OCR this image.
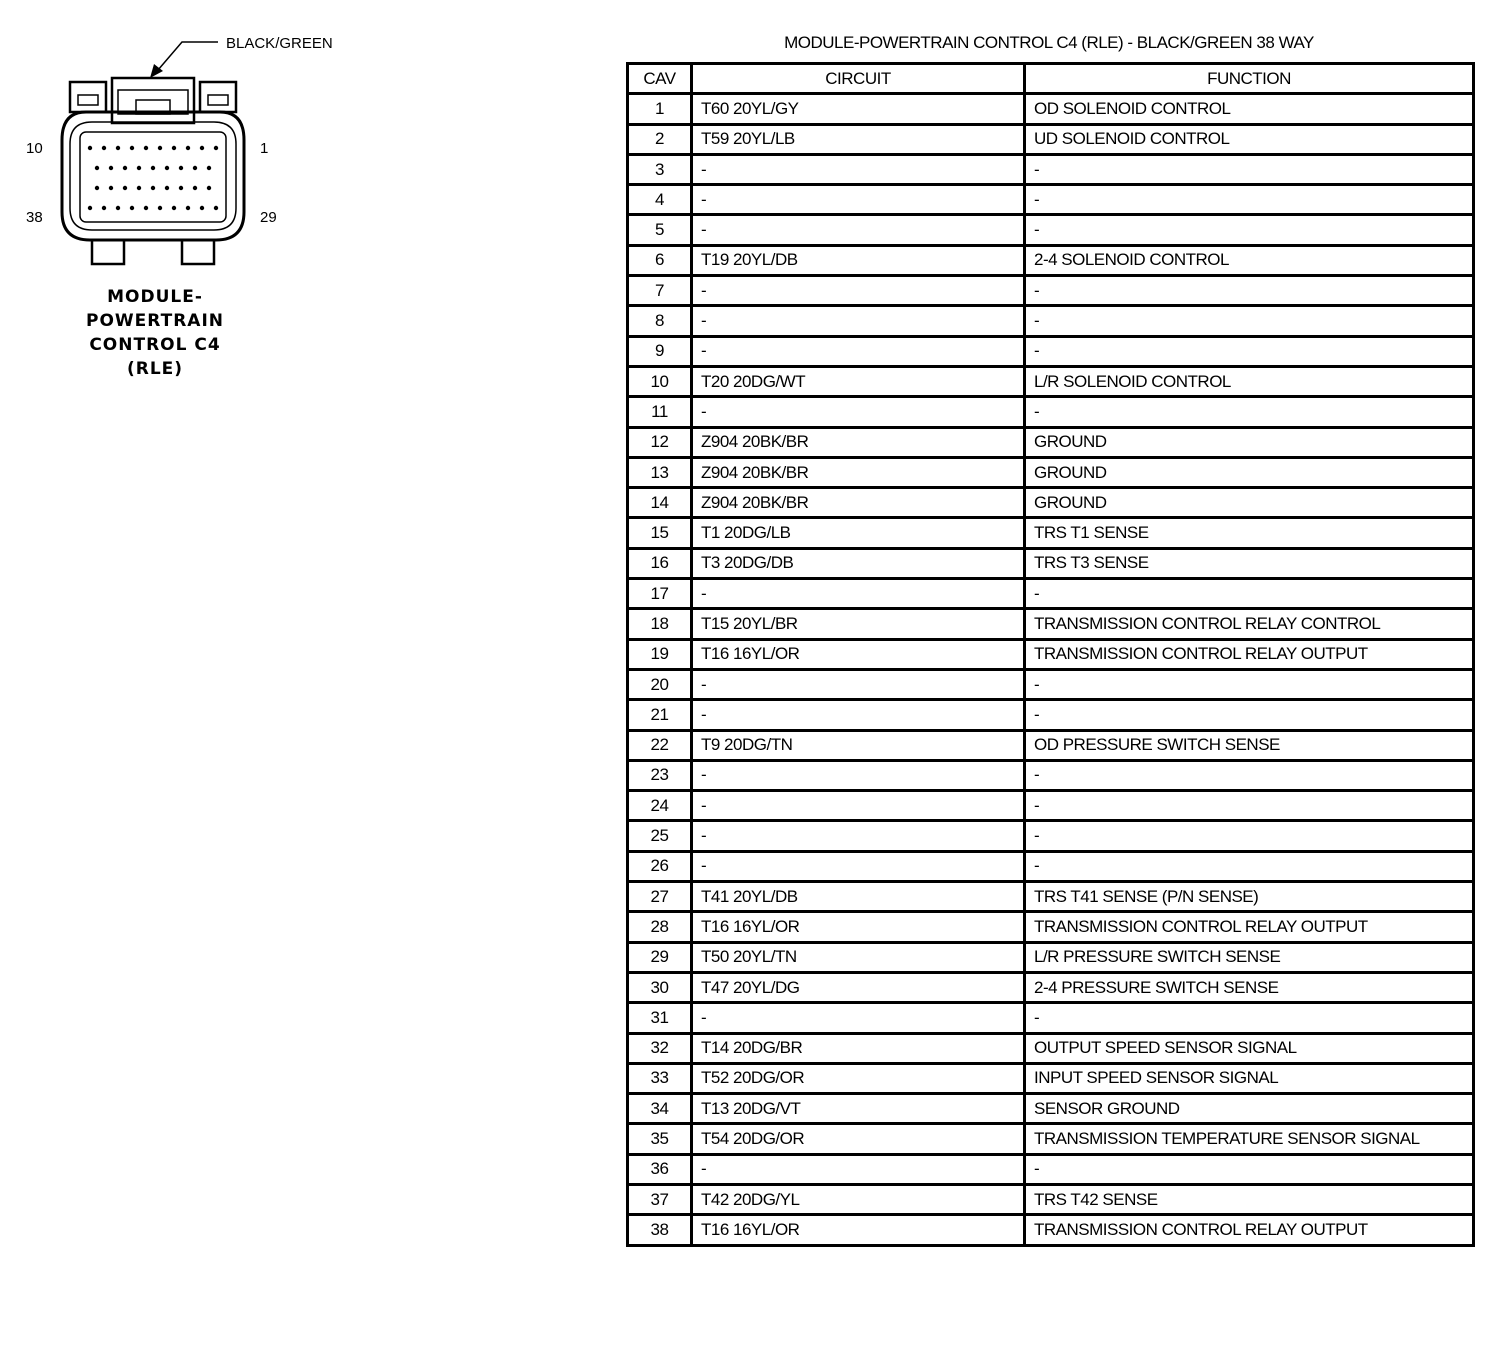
BLACK/GREEN
10	1
38	29
MODULE-
POWERTRAIN
CONTROL C4
(RLE)
MODULE-POWERTRAIN CONTROL C4 (RLE) - BLACK/GREEN 38 WAY
CAV	CIRCUIT	FUNCTION
1	T60 20YL/GY	OD SOLENOID CONTROL
2	T59 20YL/LB	UD SOLENOID CONTROL
3	-	-
4	-	-
5	-	-
6	T19 20YL/DB	2-4 SOLENOID CONTROL
7	-	-
8	-	-
9	-	-
10	T20 20DG/WT	L/R SOLENOID CONTROL
11	-	-
12	Z904 20BK/BR	GROUND
13	Z904 20BK/BR	GROUND
14	Z904 20BK/BR	GROUND
15	T1 20DG/LB	TRS T1 SENSE
16	T3 20DG/DB	TRS T3 SENSE
17	-	-
18	T15 20YL/BR	TRANSMISSION CONTROL RELAY CONTROL
19	T16 16YL/OR	TRANSMISSION CONTROL RELAY OUTPUT
20	-	-
21	-	-
22	T9 20DG/TN	OD PRESSURE SWITCH SENSE
23	-	-
24	-	-
25	-	-
26	-	-
27	T41 20YL/DB	TRS T41 SENSE (P/N SENSE)
28	T16 16YL/OR	TRANSMISSION CONTROL RELAY OUTPUT
29	T50 20YL/TN	L/R PRESSURE SWITCH SENSE
30	T47 20YL/DG	2-4 PRESSURE SWITCH SENSE
31	-	-
32	T14 20DG/BR	OUTPUT SPEED SENSOR SIGNAL
33	T52 20DG/OR	INPUT SPEED SENSOR SIGNAL
34	T13 20DG/VT	SENSOR GROUND
35	T54 20DG/OR	TRANSMISSION TEMPERATURE SENSOR SIGNAL
36	-	-
37	T42 20DG/YL	TRS T42 SENSE
38	T16 16YL/OR	TRANSMISSION CONTROL RELAY OUTPUT
